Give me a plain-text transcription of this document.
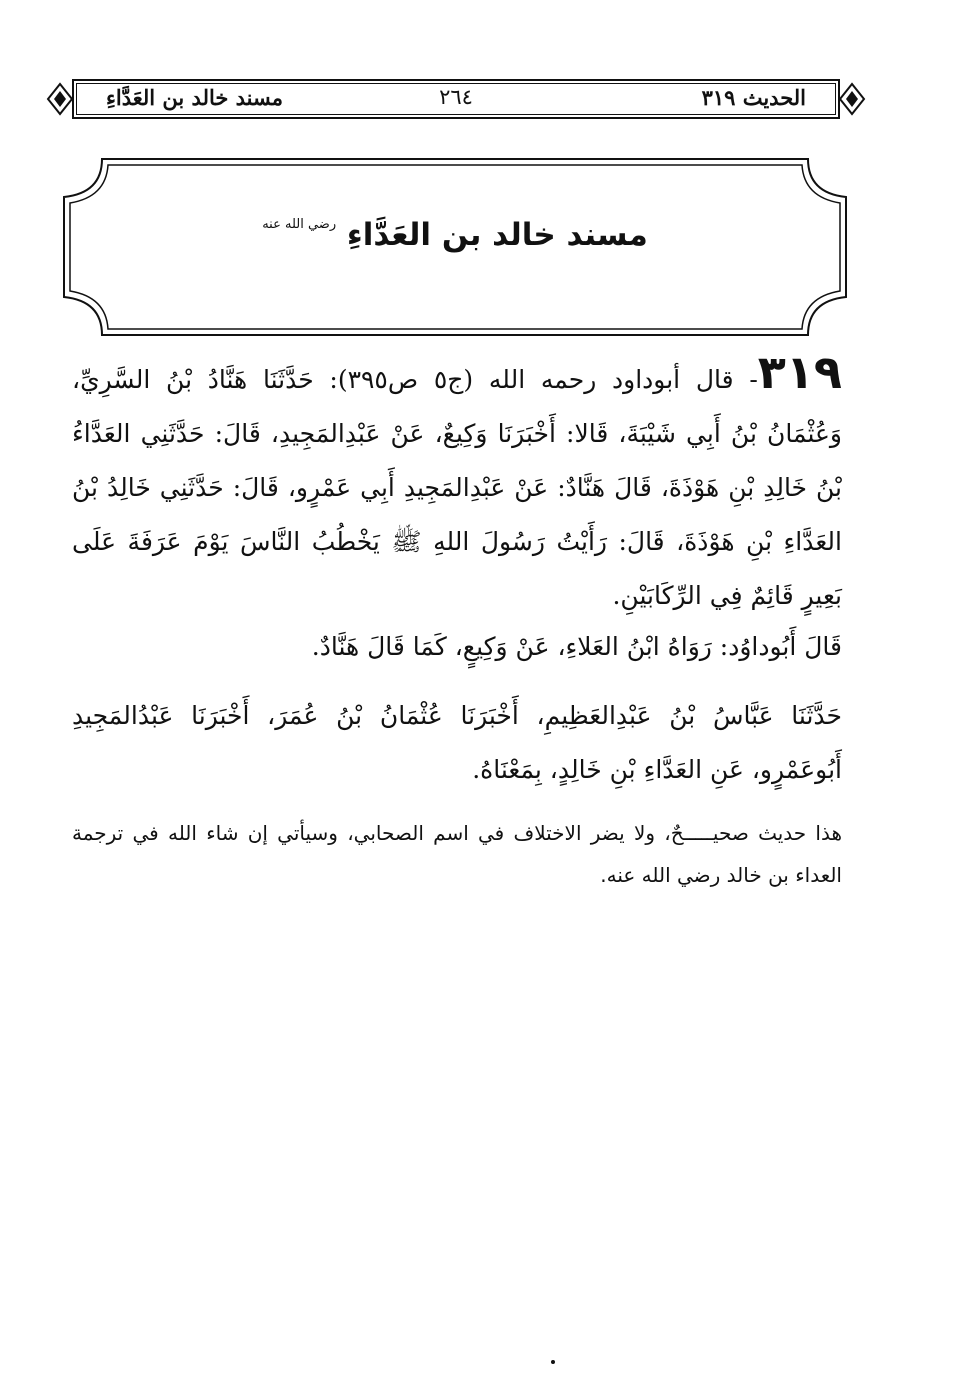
الحديث ٣١٩
٢٦٤
مسند خالد بن العَدَّاءِ
مسند خالد بن العَدَّاءِ $^{رضي الله عنه}$
٣١٩- قال أبوداود رحمه الله (ج٥ ص٣٩٥): حَدَّثَنَا هَنَّادُ بْنُ السَّرِيِّ، وَعُثْمَانُ بْنُ أَبِي شَيْبَةَ، قَالا: أَخْبَرَنَا وَكِيعٌ، عَنْ عَبْدِالمَجِيدِ، قَالَ: حَدَّثَنِي العَدَّاءُ بْنُ خَالِدِ بْنِ هَوْذَةَ، قَالَ هَنَّادٌ: عَنْ عَبْدِالمَجِيدِ أَبِي عَمْرٍو، قَالَ: حَدَّثَنِي خَالِدُ بْنُ العَدَّاءِ بْنِ هَوْذَةَ، قَالَ: رَأَيْتُ رَسُولَ اللهِ ﷺ يَخْطُبُ النَّاسَ يَوْمَ عَرَفَةَ عَلَى بَعِيرٍ قَائِمٌ فِي الرِّكَابَيْنِ.
قَالَ أَبُوداوُد: رَوَاهُ ابْنُ العَلاءِ، عَنْ وَكِيعٍ، كَمَا قَالَ هَنَّادٌ.
حَدَّثَنَا عَبَّاسُ بْنُ عَبْدِالعَظِيمِ، أَخْبَرَنَا عُثْمَانُ بْنُ عُمَرَ، أَخْبَرَنَا عَبْدُالمَجِيدِ أَبُوعَمْرٍو، عَنِ العَدَّاءِ بْنِ خَالِدٍ، بِمَعْنَاهُ.
هذا حديث صحيـــــحٌ، ولا يضر الاختلاف في اسم الصحابي، وسيأتي إن شاء الله في ترجمة العداء بن خالد رضي الله عنه.
